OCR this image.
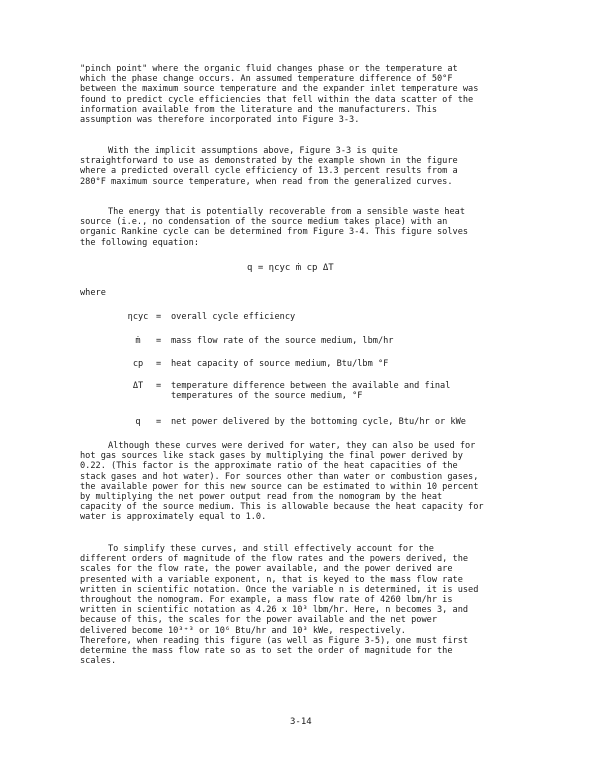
"pinch point" where the organic fluid changes phase or the temperature at
which the phase change occurs. An assumed temperature difference of 50°F
between the maximum source temperature and the expander inlet temperature was
found to predict cycle efficiencies that fell within the data scatter of the
information available from the literature and the manufacturers. This
assumption was therefore incorporated into Figure 3-3.
With the implicit assumptions above, Figure 3-3 is quite
straightforward to use as demonstrated by the example shown in the figure
where a predicted overall cycle efficiency of 13.3 percent results from a
280°F maximum source temperature, when read from the generalized curves.
The energy that is potentially recoverable from a sensible waste heat
source (i.e., no condensation of the source medium takes place) with an
organic Rankine cycle can be determined from Figure 3-4. This figure solves
the following equation:
q = ηcyc ṁ cp ΔT
where
ηcyc = overall cycle efficiency
ṁ	= mass flow rate of the source medium, lbm/hr
cp	= heat capacity of source medium, Btu/lbm °F
ΔT	= temperature difference between the available and final
temperatures of the source medium, °F
q	= net power delivered by the bottoming cycle, Btu/hr or kWe
Although these curves were derived for water, they can also be used for
hot gas sources like stack gases by multiplying the final power derived by
0.22. (This factor is the approximate ratio of the heat capacities of the
stack gases and hot water). For sources other than water or combustion gases,
the available power for this new source can be estimated to within 10 percent
by multiplying the net power output read from the nomogram by the heat
capacity of the source medium. This is allowable because the heat capacity for
water is approximately equal to 1.0.
To simplify these curves, and still effectively account for the
different orders of magnitude of the flow rates and the powers derived, the
scales for the flow rate, the power available, and the power derived are
presented with a variable exponent, n, that is keyed to the mass flow rate
written in scientific notation. Once the variable n is determined, it is used
throughout the nomogram. For example, a mass flow rate of 4260 lbm/hr is
written in scientific notation as 4.26 x 10³ lbm/hr. Here, n becomes 3, and
because of this, the scales for the power available and the net power
delivered become 10³⁺³ or 10⁶ Btu/hr and 10³ kWe, respectively.
Therefore, when reading this figure (as well as Figure 3-5), one must first
determine the mass flow rate so as to set the order of magnitude for the
scales.
3-14
